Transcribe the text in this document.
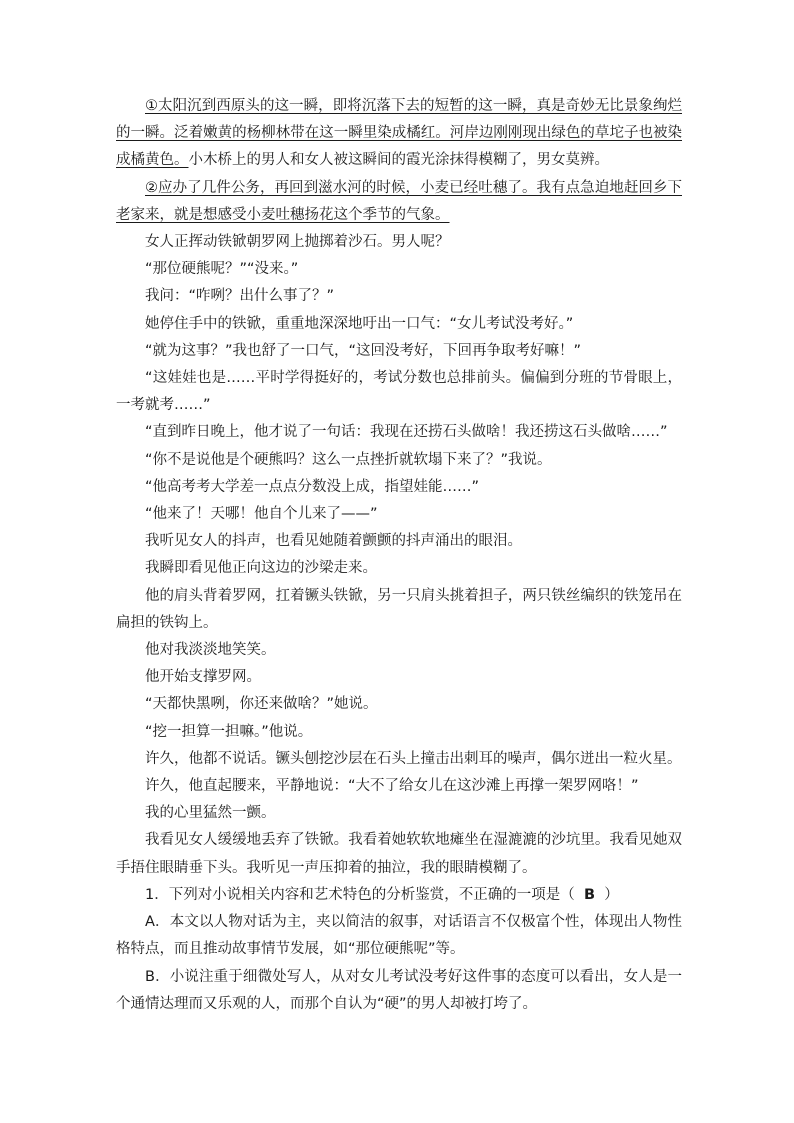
①太阳沉到西原头的这一瞬，即将沉落下去的短暂的这一瞬，真是奇妙无比景象绚烂的一瞬。泛着嫩黄的杨柳林带在这一瞬里染成橘红。河岸边刚刚现出绿色的草坨子也被染成橘黄色。小木桥上的男人和女人被这瞬间的霞光涂抹得模糊了，男女莫辨。

②应办了几件公务，再回到滋水河的时候，小麦已经吐穗了。我有点急迫地赶回乡下老家来，就是想感受小麦吐穗扬花这个季节的气象。

女人正挥动铁锨朝罗网上抛掷着沙石。男人呢？

“那位硬熊呢？”“没来。”

我问：“咋咧？出什么事了？”

她停住手中的铁锨，重重地深深地吁出一口气：“女儿考试没考好。”

“就为这事？”我也舒了一口气，“这回没考好，下回再争取考好嘛！”

“这娃娃也是……平时学得挺好的，考试分数也总排前头。偏偏到分班的节骨眼上，一考就考……”

“直到昨日晚上，他才说了一句话：我现在还捞石头做啥！我还捞这石头做啥……”

“你不是说他是个硬熊吗？这么一点挫折就软塌下来了？”我说。

“他高考考大学差一点点分数没上成，指望娃能……”

“他来了！天哪！他自个儿来了——”

我听见女人的抖声，也看见她随着颤颤的抖声涌出的眼泪。

我瞬即看见他正向这边的沙梁走来。

他的肩头背着罗网，扛着镢头铁锨，另一只肩头挑着担子，两只铁丝编织的铁笼吊在扁担的铁钩上。

他对我淡淡地笑笑。

他开始支撑罗网。

“天都快黑咧，你还来做啥？”她说。

“挖一担算一担嘛。”他说。

许久，他都不说话。镢头刨挖沙层在石头上撞击出刺耳的噪声，偶尔迸出一粒火星。

许久，他直起腰来，平静地说：“大不了给女儿在这沙滩上再撑一架罗网咯！”

我的心里猛然一颤。

我看见女人缓缓地丢弃了铁锨。我看着她软软地瘫坐在湿漉漉的沙坑里。我看见她双手捂住眼睛垂下头。我听见一声压抑着的抽泣，我的眼睛模糊了。

1．下列对小说相关内容和艺术特色的分析鉴赏，不正确的一项是（ B ）

A．本文以人物对话为主，夹以简洁的叙事，对话语言不仅极富个性，体现出人物性格特点，而且推动故事情节发展，如“那位硬熊呢”等。

B．小说注重于细微处写人，从对女儿考试没考好这件事的态度可以看出，女人是一个通情达理而又乐观的人，而那个自认为“硬”的男人却被打垮了。
